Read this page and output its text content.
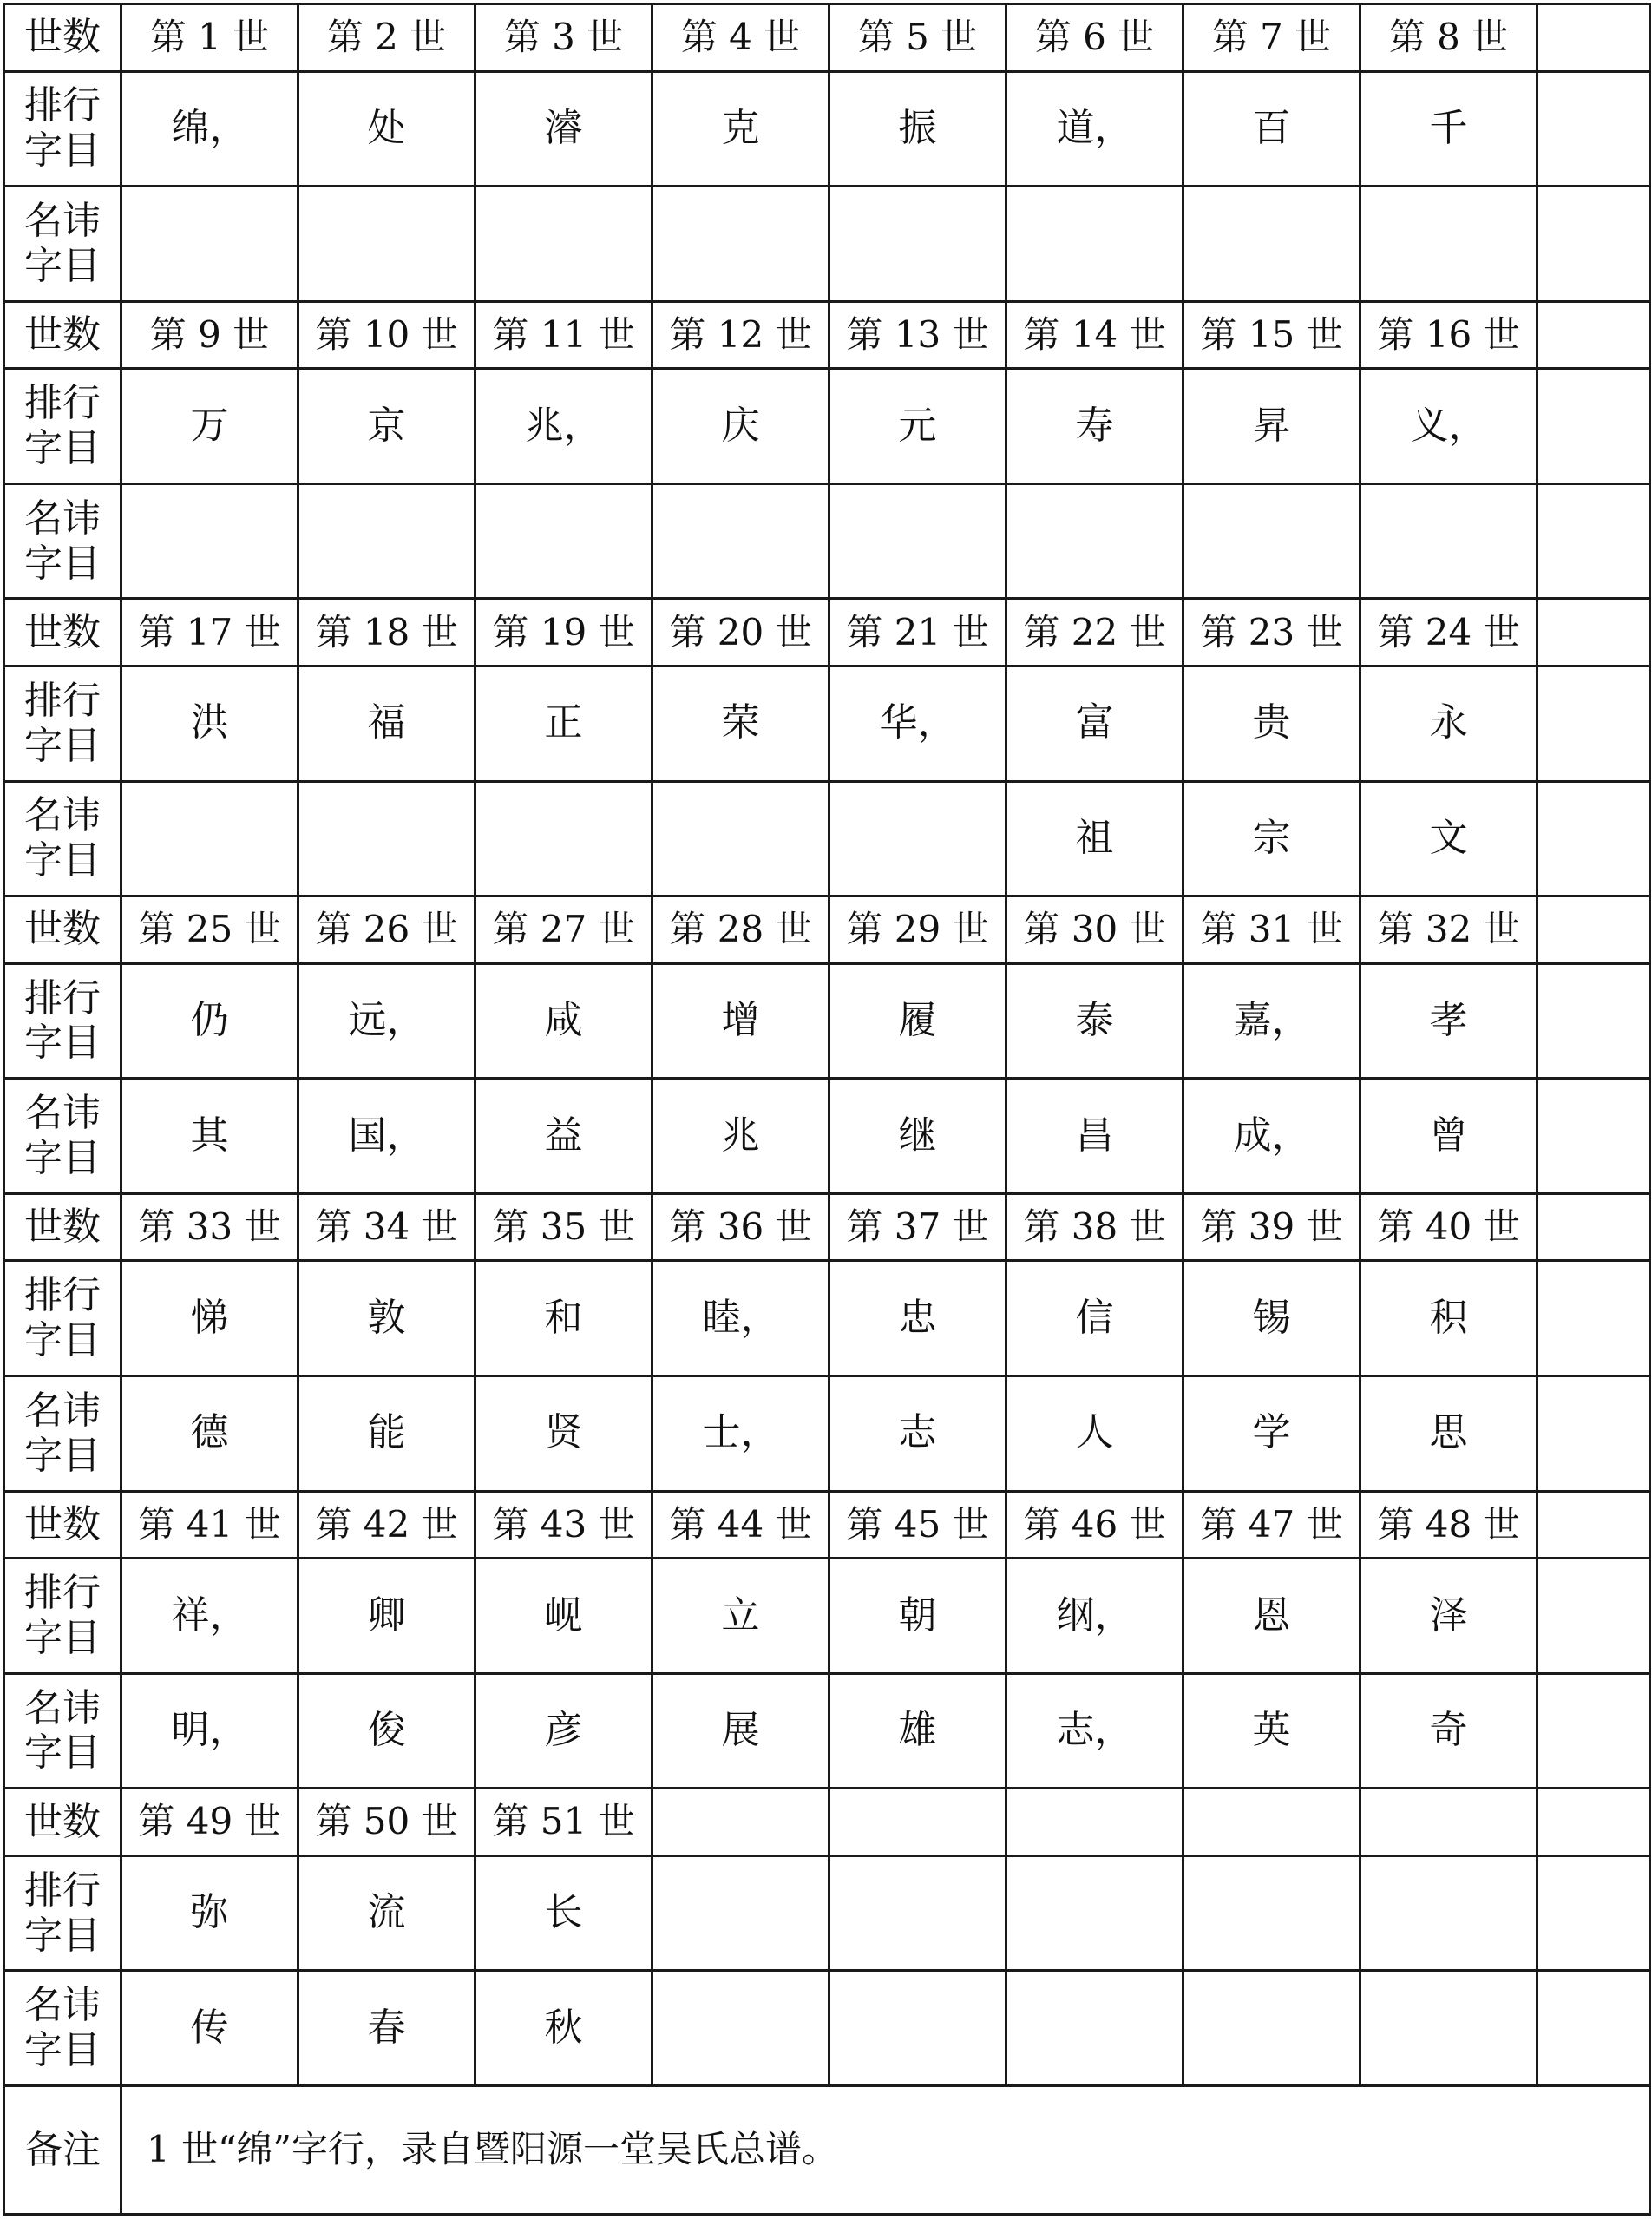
世数	第 1 世	第 2 世	第 3 世	第 4 世	第 5 世	第 6 世	第 7 世	第 8 世	
排行字目	绵，	处	濬	克	振	道，	百	千	
名讳字目									
世数	第 9 世	第 10 世	第 11 世	第 12 世	第 13 世	第 14 世	第 15 世	第 16 世	
排行字目	万	京	兆，	庆	元	寿	昇	义，	
名讳字目									
世数	第 17 世	第 18 世	第 19 世	第 20 世	第 21 世	第 22 世	第 23 世	第 24 世	
排行字目	洪	福	正	荣	华，	富	贵	永	
名讳字目						祖	宗	文	
世数	第 25 世	第 26 世	第 27 世	第 28 世	第 29 世	第 30 世	第 31 世	第 32 世	
排行字目	仍	远，	咸	增	履	泰	嘉，	孝	
名讳字目	其	国，	益	兆	继	昌	成，	曾	
世数	第 33 世	第 34 世	第 35 世	第 36 世	第 37 世	第 38 世	第 39 世	第 40 世	
排行字目	悌	敦	和	睦，	忠	信	锡	积	
名讳字目	德	能	贤	士，	志	人	学	思	
世数	第 41 世	第 42 世	第 43 世	第 44 世	第 45 世	第 46 世	第 47 世	第 48 世	
排行字目	祥，	卿	岘	立	朝	纲，	恩	泽	
名讳字目	明，	俊	彦	展	雄	志，	英	奇	
世数	第 49 世	第 50 世	第 51 世						
排行字目	弥	流	长						
名讳字目	传	春	秋						
备注	1 世“绵”字行，录自暨阳源一堂吴氏总谱。								
